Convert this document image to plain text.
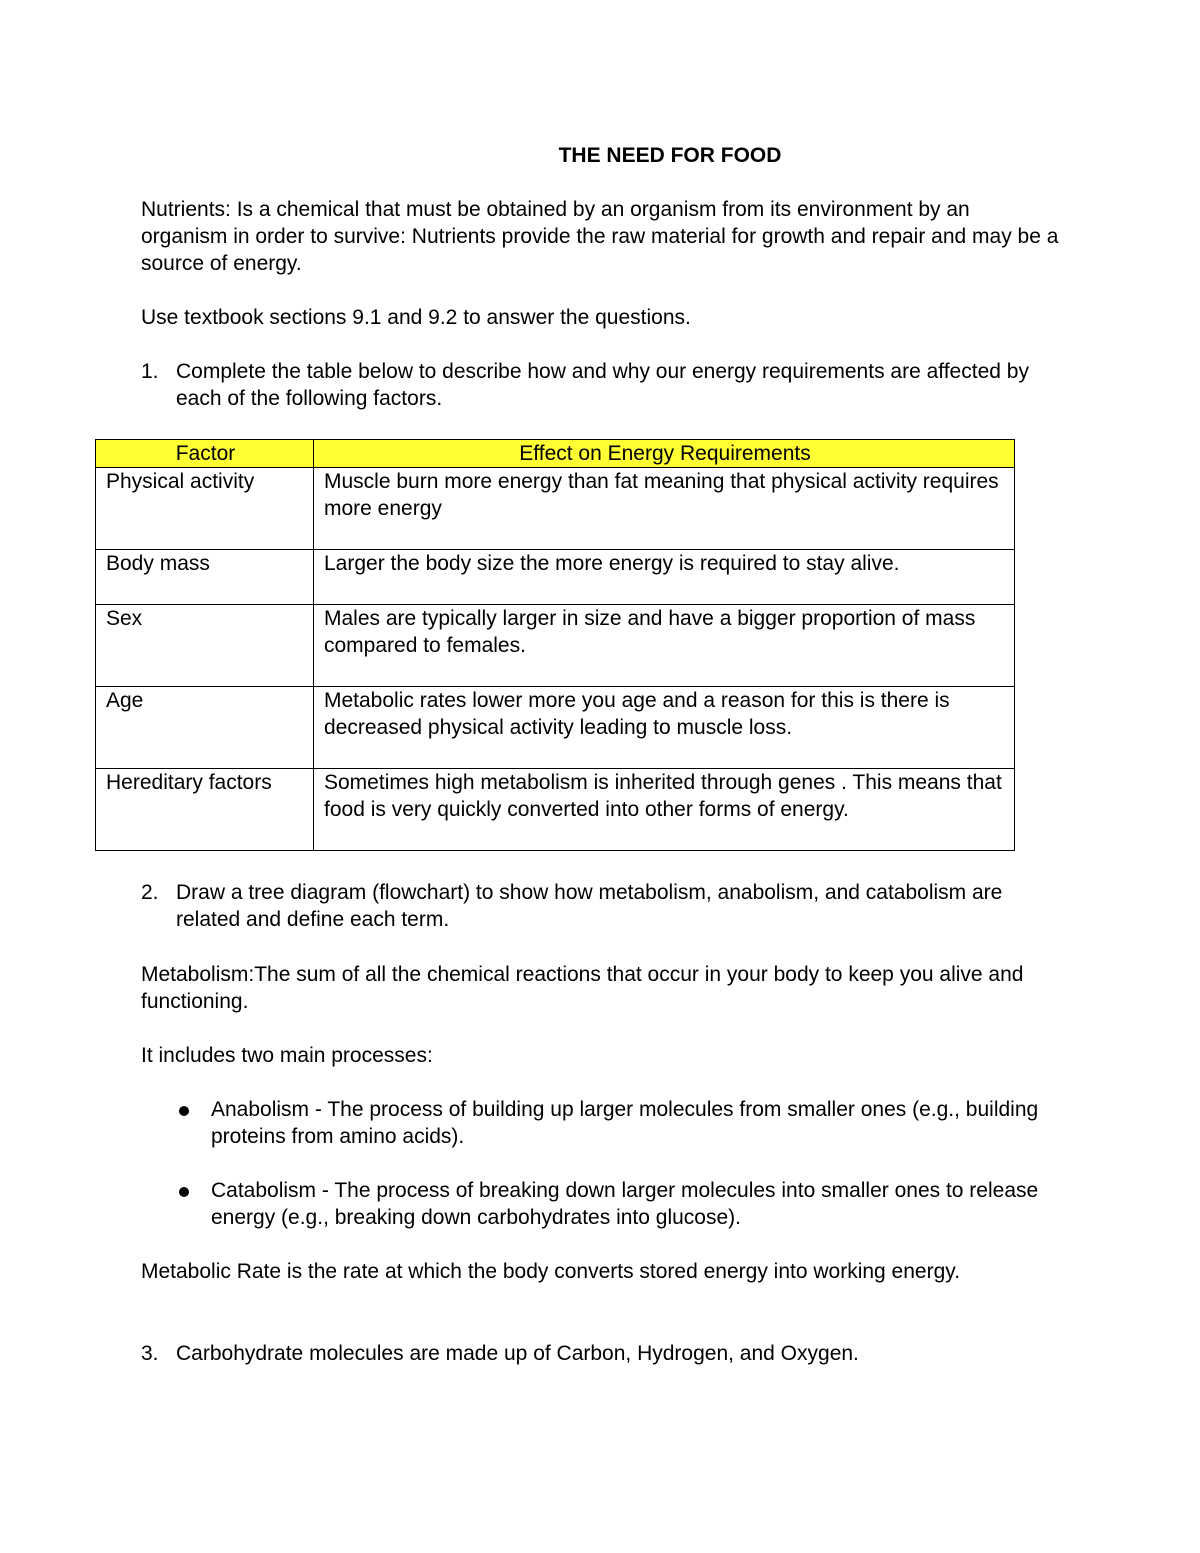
THE NEED FOR FOOD

Nutrients: Is a chemical that must be obtained by an organism from its environment by an organism in order to survive: Nutrients provide the raw material for growth and repair and may be a source of energy.

Use textbook sections 9.1 and 9.2 to answer the questions.

1. Complete the table below to describe how and why our energy requirements are affected by each of the following factors.
Factor	Effect on Energy Requirements
Physical activity	Muscle burn more energy than fat meaning that physical activity requires more energy
Body mass	Larger the body size the more energy is required to stay alive.
Sex	Males are typically larger in size and have a bigger proportion of mass compared to females.
Age	Metabolic rates lower more you age and a reason for this is there is decreased physical activity leading to muscle loss.
Hereditary factors	Sometimes high metabolism is inherited through genes . This means that food is very quickly converted into other forms of energy.
2. Draw a tree diagram (flowchart) to show how metabolism, anabolism, and catabolism are related and define each term.

Metabolism:The sum of all the chemical reactions that occur in your body to keep you alive and functioning.

It includes two main processes:

Anabolism - The process of building up larger molecules from smaller ones (e.g., building proteins from amino acids).
Catabolism - The process of breaking down larger molecules into smaller ones to release energy (e.g., breaking down carbohydrates into glucose).

Metabolic Rate is the rate at which the body converts stored energy into working energy.

3. Carbohydrate molecules are made up of Carbon, Hydrogen, and Oxygen.
